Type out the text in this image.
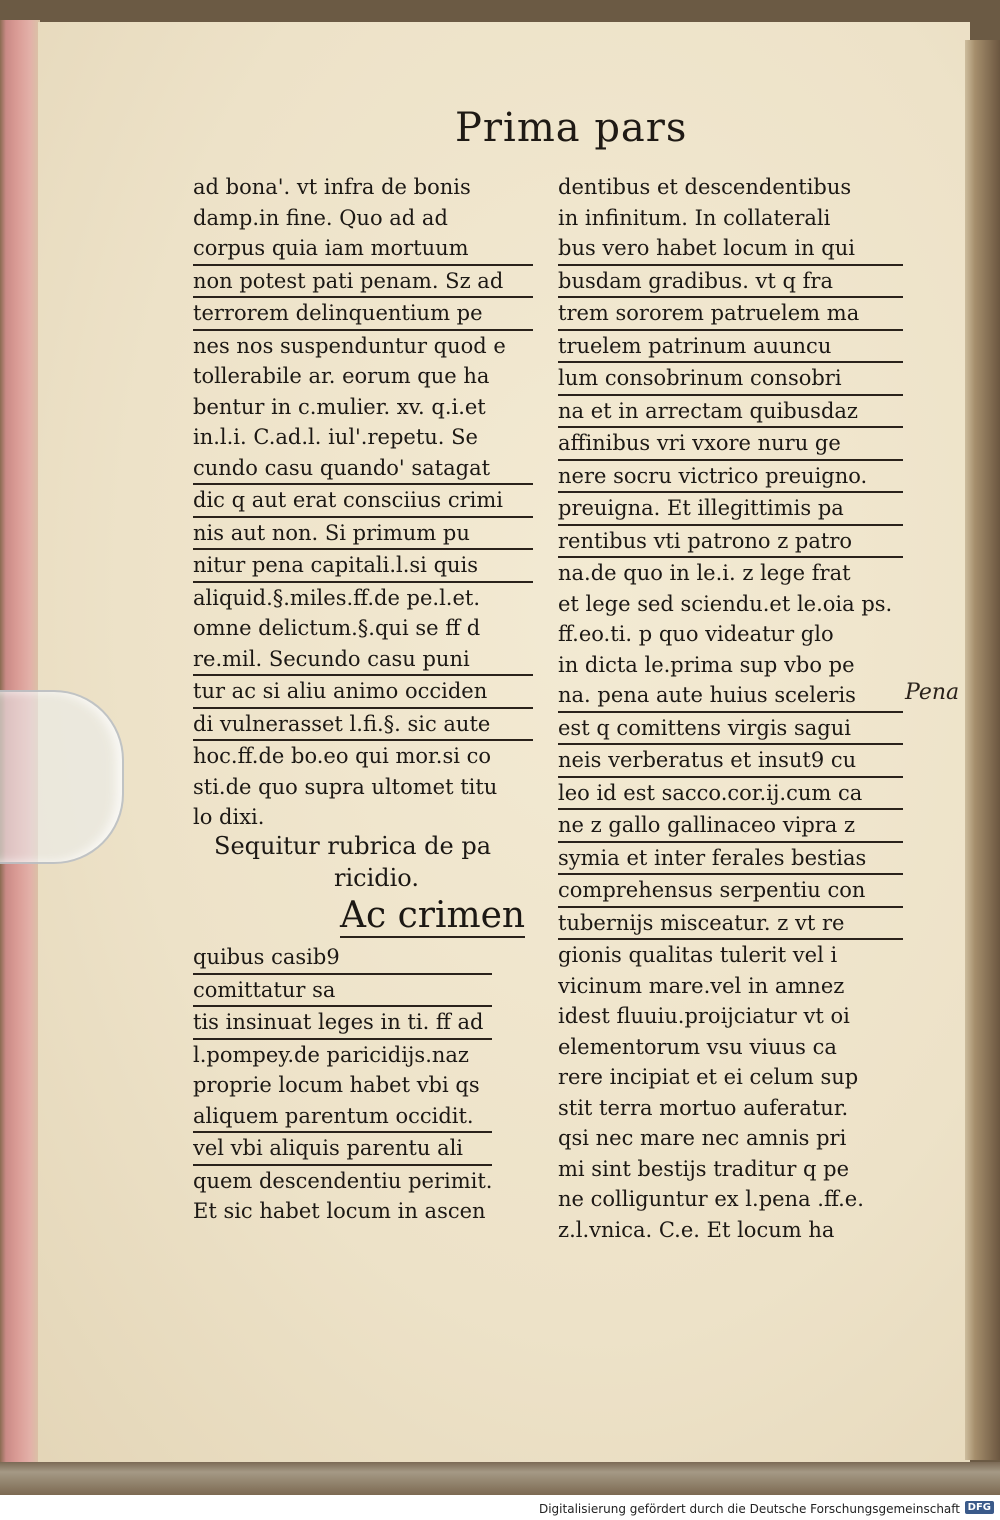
Prima pars
ad bona'. vt infra de bonis
damp.in fine. Quo ad ad
corpus quia iam mortuum
non potest pati penam. Sz ad
terrorem delinquentium pe
nes nos suspenduntur quod e
tollerabile ar. eorum que ha
bentur in c.mulier. xv. q.i.et
in.l.i. C.ad.l. iul'.repetu. Se
cundo casu quando' satagat
dic q aut erat consciius crimi
nis aut non. Si primum pu
nitur pena capitali.l.si quis
aliquid.§.miles.ff.de pe.l.et.
omne delictum.§.qui se ff d
re.mil. Secundo casu puni
tur ac si aliu animo occiden
di vulnerasset l.fi.§. sic aute
hoc.ff.de bo.eo qui mor.si co
sti.de quo supra ultomet titu
lo dixi.
Sequitur rubrica de pa
ricidio.
Ac crimen
quibus casib9
comittatur sa
tis insinuat leges in ti. ff ad
l.pompey.de paricidijs.naz
proprie locum habet vbi qs
aliquem parentum occidit.
vel vbi aliquis parentu ali
quem descendentiu perimit.
Et sic habet locum in ascen
dentibus et descendentibus
in infinitum. In collaterali
bus vero habet locum in qui
busdam gradibus. vt q fra
trem sororem patruelem ma
truelem patrinum auuncu
lum consobrinum consobri
na et in arrectam quibusdaz
affinibus vri vxore nuru ge
nere socru victrico preuigno.
preuigna. Et illegittimis pa
rentibus vti patrono z patro
na.de quo in le.i. z lege frat
et lege sed sciendu.et le.oia ps.
ff.eo.ti. p quo videatur glo
in dicta le.prima sup vbo pe
na. pena aute huius sceleris
est q comittens virgis sagui
neis verberatus et insut9 cu
leo id est sacco.cor.ij.cum ca
ne z gallo gallinaceo vipra z
symia et inter ferales bestias
comprehensus serpentiu con
tubernijs misceatur. z vt re
gionis qualitas tulerit vel i
vicinum mare.vel in amnez
idest fluuiu.proijciatur vt oi
elementorum vsu viuus ca
rere incipiat et ei celum sup
stit terra mortuo auferatur.
qsi nec mare nec amnis pri
mi sint bestijs traditur q pe
ne colliguntur ex l.pena .ff.e.
z.l.vnica. C.e. Et locum ha
Pena
Digitalisierung gefördert durch die Deutsche Forschungsgemeinschaft DFG
